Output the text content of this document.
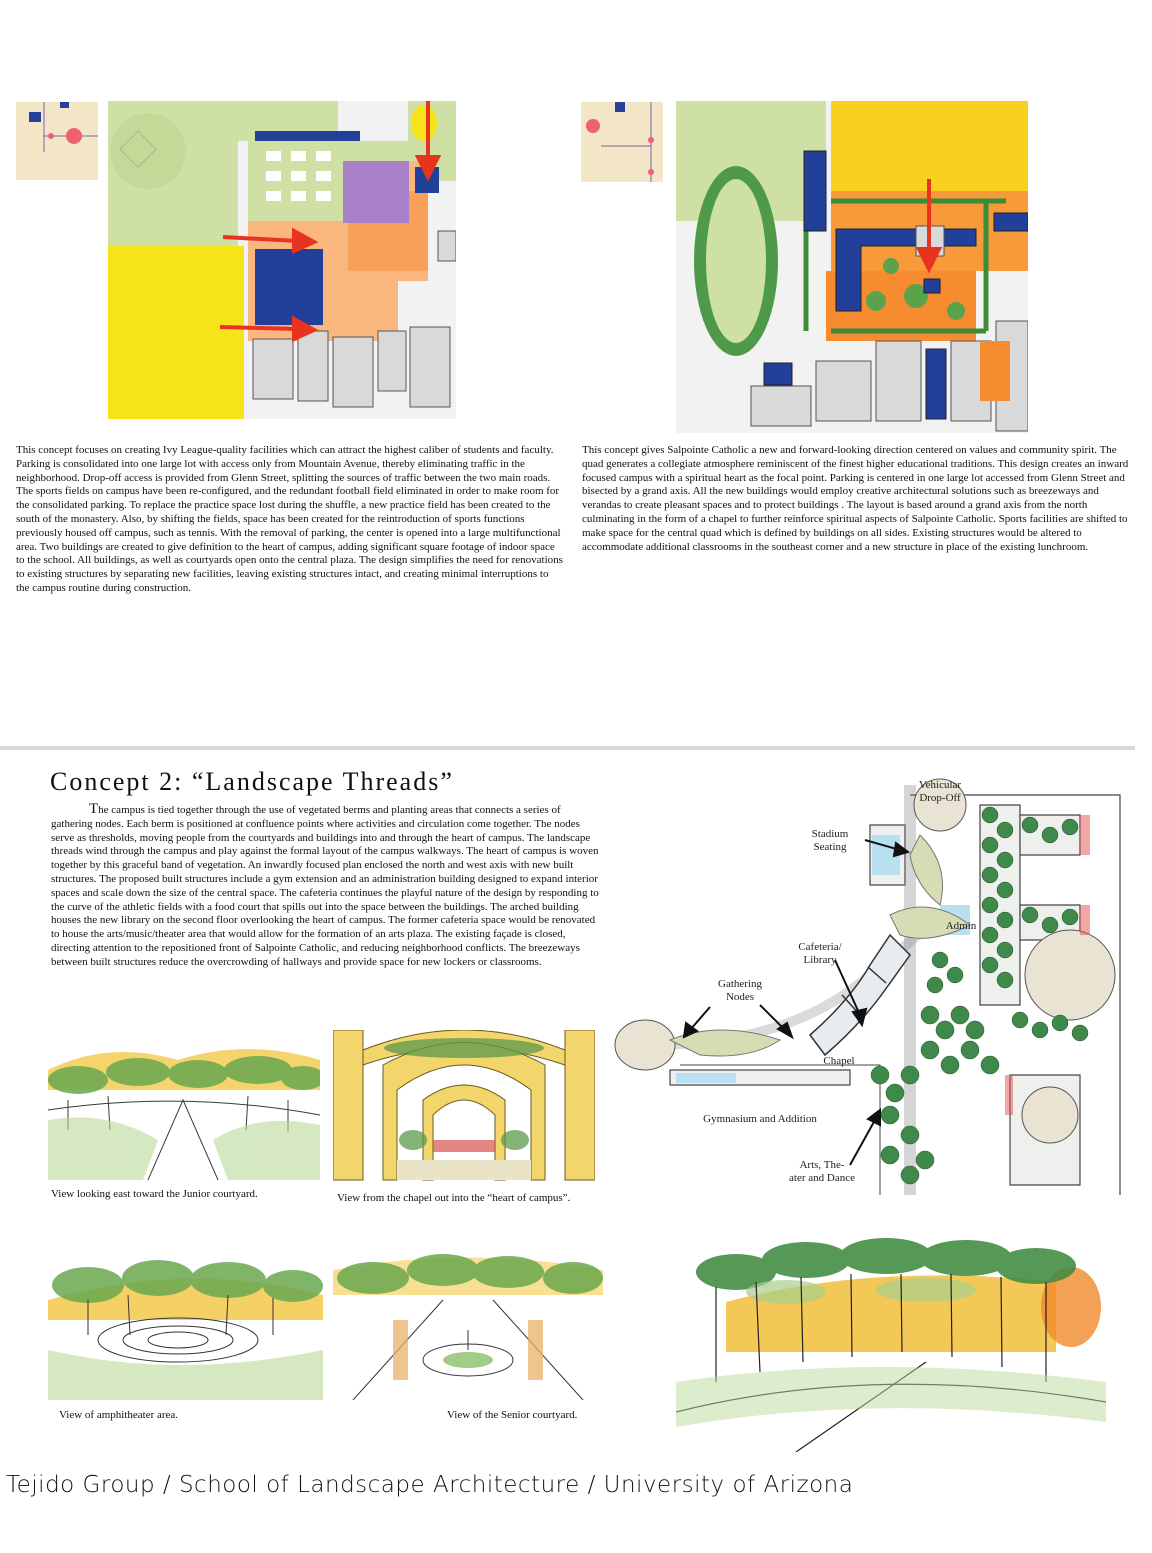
This concept focuses on creating Ivy League-quality facilities which can attract the highest caliber of students and faculty. Parking is consolidated into one large lot with access only from Mountain Avenue, thereby eliminating traffic in the neighborhood. Drop-off access is provided from Glenn Street, splitting the sources of traffic between the two main roads. The sports fields on campus have been re-configured, and the redundant football field eliminated in order to make room for the consolidated parking. To replace the practice space lost during the shuffle, a new practice field has been created to the south of the monastery. Also, by shifting the fields, space has been created for the reintroduction of sports functions previously housed off campus, such as tennis. With the removal of parking, the center is opened into a large multifunctional area. Two buildings are created to give definition to the heart of campus, adding significant square footage of indoor space to the school. All buildings, as well as courtyards open onto the central plaza. The design simplifies the need for renovations to existing structures by separating new facilities, leaving existing structures intact, and creating minimal interruptions to the campus routine during construction.
This concept gives Salpointe Catholic a new and forward-looking direction centered on values and community spirit. The quad generates a collegiate atmosphere reminiscent of the finest higher educational traditions. This design creates an inward focused campus with a spiritual heart as the focal point. Parking is centered in one large lot accessed from Glenn Street and bisected by a grand axis. All the new buildings would employ creative architectural solutions such as breezeways and verandas to create pleasant spaces and to protect buildings . The layout is based around a grand axis from the north culminating in the form of a chapel to further reinforce spiritual aspects of Salpointe Catholic. Sports facilities are shifted to make space for the central quad which is defined by buildings on all sides. Existing structures would be altered to accommodate additional classrooms in the southeast corner and a new structure in place of the existing lunchroom.
Concept 2: “Landscape Threads”
The campus is tied together through the use of vegetated berms and planting areas that connects a series of gathering nodes. Each berm is positioned at confluence points where activities and circulation come together. The nodes serve as thresholds, moving people from the courtyards and buildings into and through the heart of campus. The landscape threads wind through the campus and play against the formal layout of the campus walkways. The heart of campus is woven together by this graceful band of vegetation. An inwardly focused plan enclosed the north and west axis with new built structures. The proposed built structures include a gym extension and an administration building designed to expand interior spaces and scale down the size of the central space. The cafeteria continues the playful nature of the design by responding to the curve of the athletic fields with a food court that spills out into the space between the buildings. The arched building houses the new library on the second floor overlooking the heart of campus. The former cafeteria space would be renovated to house the arts/music/theater area that would allow for the formation of an arts plaza. The existing façade is closed, directing attention to the repositioned front of Salpointe Catholic, and reducing neighborhood conflicts. The breezeways between built structures reduce the overcrowding of hallways and provide space for new lockers or classrooms.
Vehicular
Drop-Off
Stadium
Seating
Admin
Cafeteria/
Library
Gathering
Nodes
Chapel
Gymnasium and Addition
Arts, The-
ater and Dance
View looking east toward the Junior courtyard.	View from the chapel out into the “heart of campus”.
View of amphitheater area.	View of the Senior courtyard.
Tejido Group / School of Landscape Architecture / University of Arizona
